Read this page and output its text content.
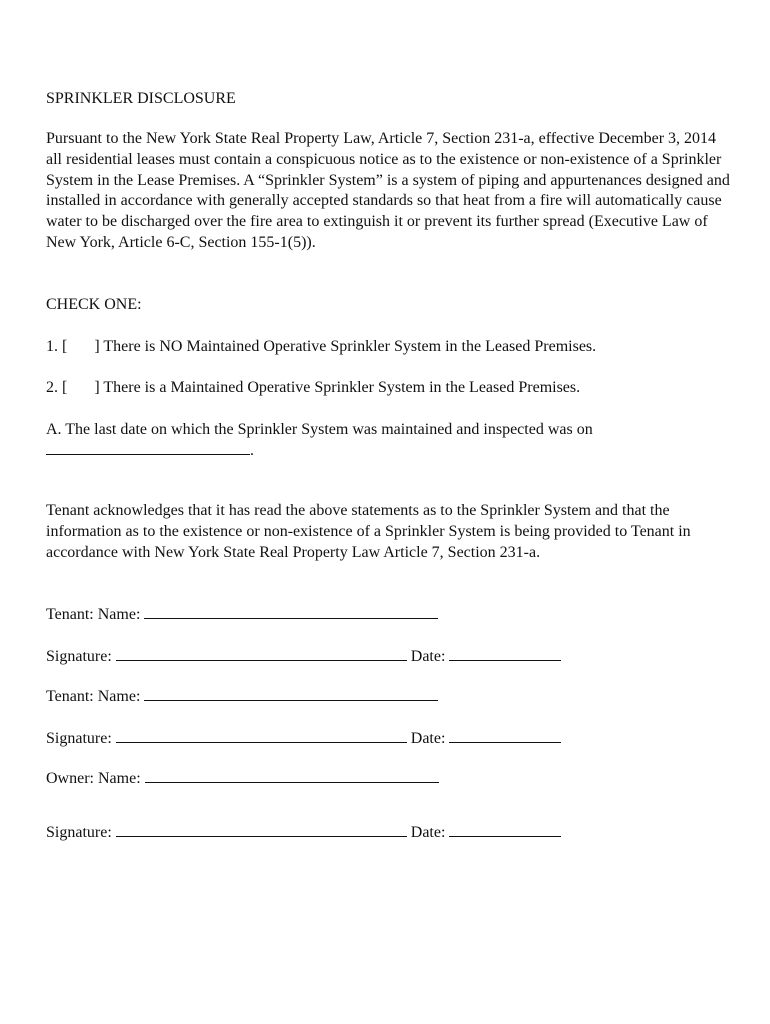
SPRINKLER DISCLOSURE
Pursuant to the New York State Real Property Law, Article 7, Section 231-a, effective December 3, 2014 all residential leases must contain a conspicuous notice as to the existence or non-existence of a Sprinkler System in the Lease Premises. A “Sprinkler System” is a system of piping and appurtenances designed and installed in accordance with generally accepted standards so that heat from a fire will automatically cause water to be discharged over the fire area to extinguish it or prevent its further spread (Executive Law of New York, Article 6-C, Section 155-1(5)).
CHECK ONE:
1. [ ] There is NO Maintained Operative Sprinkler System in the Leased Premises.
2. [ ] There is a Maintained Operative Sprinkler System in the Leased Premises.
A. The last date on which the Sprinkler System was maintained and inspected was on
.
Tenant acknowledges that it has read the above statements as to the Sprinkler System and that the information as to the existence or non-existence of a Sprinkler System is being provided to Tenant in accordance with New York State Real Property Law Article 7, Section 231-a.
Tenant: Name:
Signature:	Date:
Tenant: Name:
Signature:	Date:
Owner: Name:
Signature:	Date:
